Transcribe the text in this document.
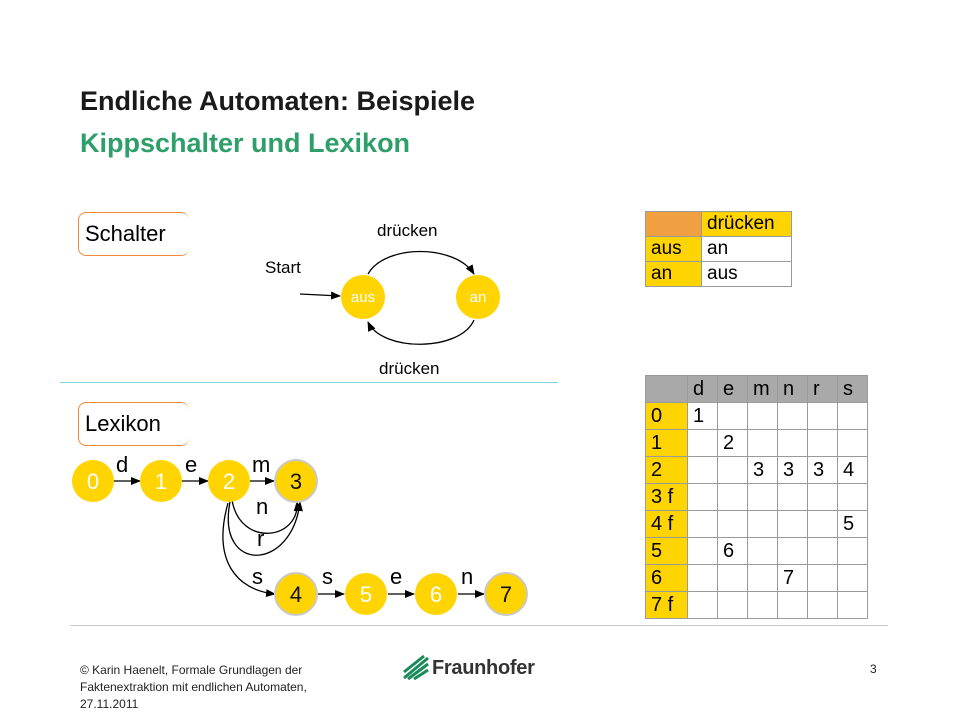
Endliche Automaten: Beispiele
Kippschalter und Lexikon
Schalter
Lexikon
Start
drücken
drücken
aus	an
d	e m
n
r
s	s	e	n
0	1	2 3
4	5	6	7
	drücken
aus	an
an	aus
	d	e	m	n	r	s
0	1					
1		2				
2			3	3	3	4
3 f						
4 f						5
5		6				
6				7		
7 f						
© Karin Haenelt, Formale Grundlagen der Faktenextraktion mit endlichen Automaten, 27.11.2011
Fraunhofer	3
